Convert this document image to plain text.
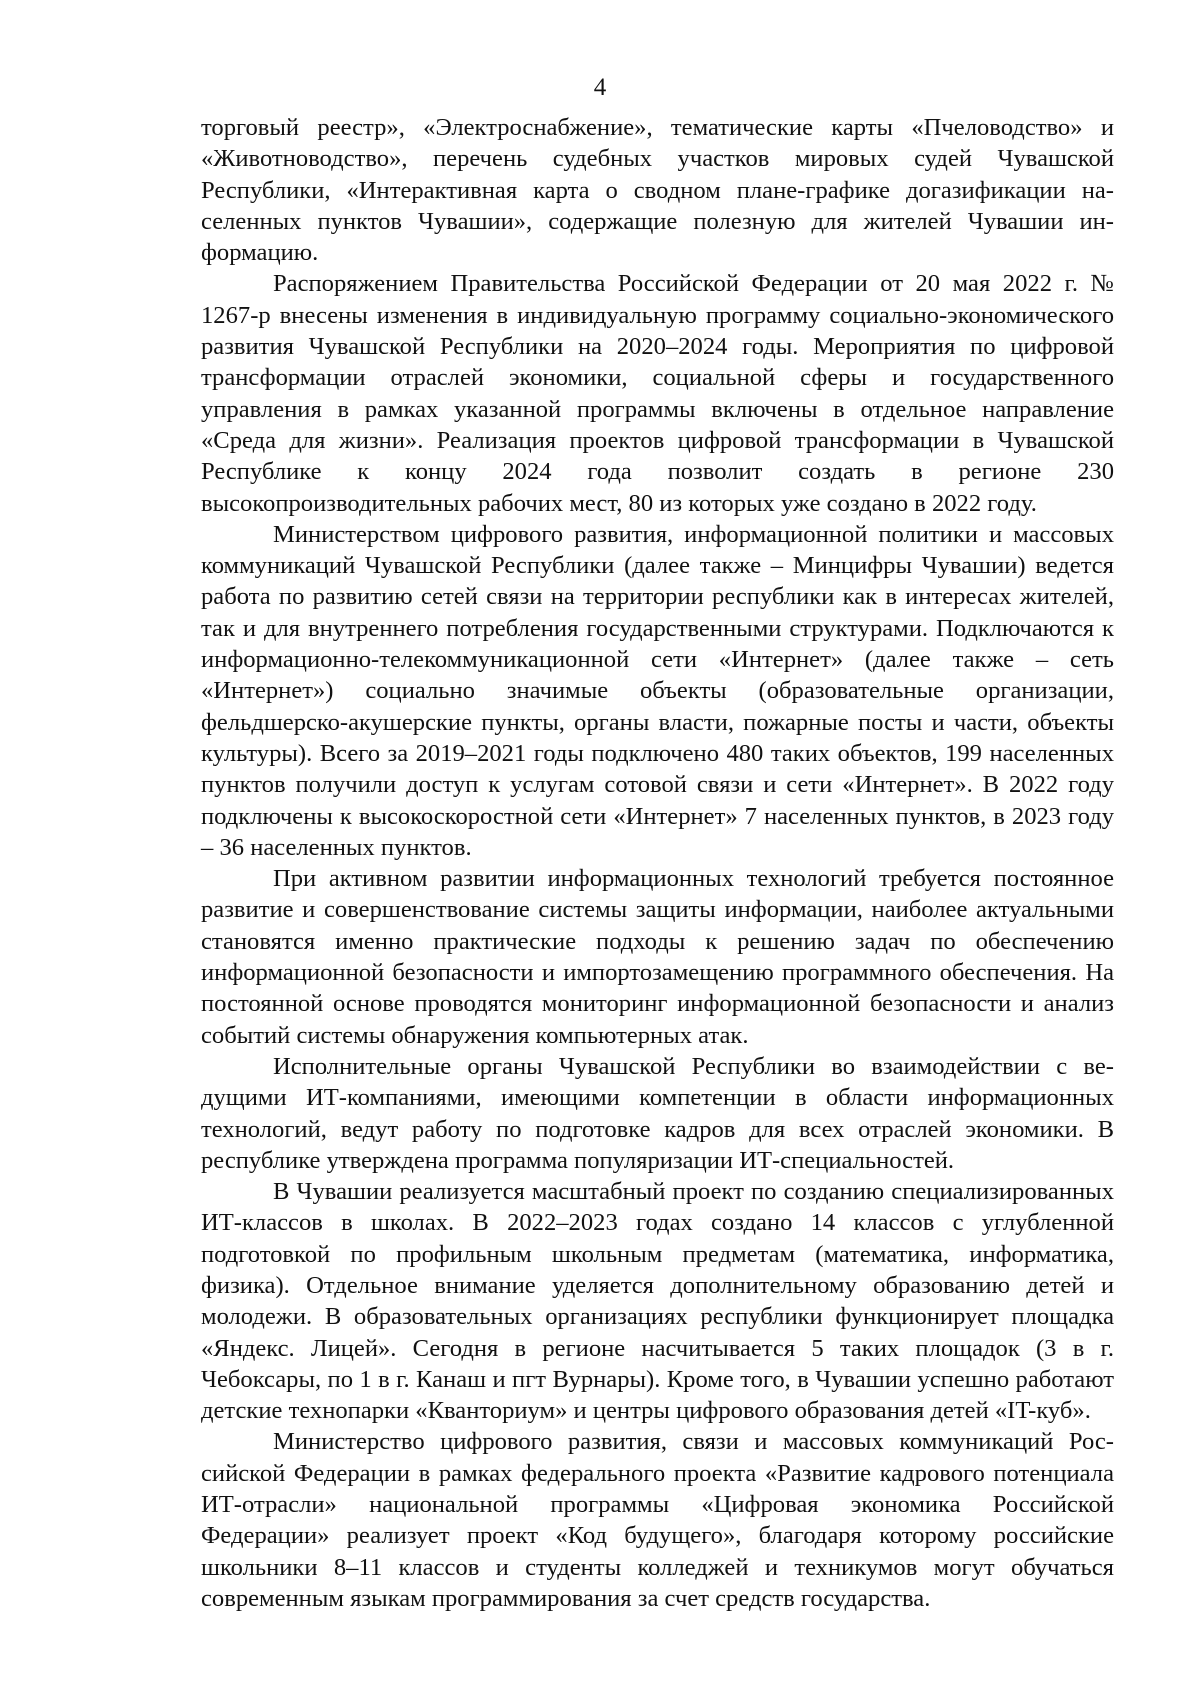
4

торговый реестр», «Электроснабжение», тематические карты «Пчеловодство» и «Животноводство», перечень судебных участков мировых судей Чувашской Республики, «Интерактивная карта о сводном плане-графике догазификации населенных пунктов Чувашии», содержащие полезную для жителей Чувашии информацию.

Распоряжением Правительства Российской Федерации от 20 мая 2022 г. № 1267-р внесены изменения в индивидуальную программу социально-экономического развития Чувашской Республики на 2020–2024 годы. Мероприятия по цифровой трансформации отраслей экономики, социальной сферы и государственного управления в рамках указанной программы включены в отдельное направление «Среда для жизни». Реализация проектов цифровой трансформации в Чувашской Республике к концу 2024 года позволит создать в регионе 230 высокопроизводительных рабочих мест, 80 из которых уже создано в 2022 году.

Министерством цифрового развития, информационной политики и массовых коммуникаций Чувашской Республики (далее также – Минцифры Чувашии) ведется работа по развитию сетей связи на территории республики как в интересах жителей, так и для внутреннего потребления государственными структурами. Подключаются к информационно-телекоммуникационной сети «Интернет» (далее также – сеть «Интернет») социально значимые объекты (образовательные организации, фельдшерско-акушерские пункты, органы власти, пожарные посты и части, объекты культуры). Всего за 2019–2021 годы подключено 480 таких объектов, 199 населенных пунктов получили доступ к услугам сотовой связи и сети «Интернет». В 2022 году подключены к высокоскоростной сети «Интернет» 7 населенных пунктов, в 2023 году – 36 населенных пунктов.

При активном развитии информационных технологий требуется постоянное развитие и совершенствование системы защиты информации, наиболее актуальными становятся именно практические подходы к решению задач по обеспечению информационной безопасности и импортозамещению программного обеспечения. На постоянной основе проводятся мониторинг информационной безопасности и анализ событий системы обнаружения компьютерных атак.

Исполнительные органы Чувашской Республики во взаимодействии с ведущими ИТ-компаниями, имеющими компетенции в области информационных технологий, ведут работу по подготовке кадров для всех отраслей экономики. В республике утверждена программа популяризации ИТ-специальностей.

В Чувашии реализуется масштабный проект по созданию специализированных ИТ-классов в школах. В 2022–2023 годах создано 14 классов с углубленной подготовкой по профильным школьным предметам (математика, информатика, физика). Отдельное внимание уделяется дополнительному образованию детей и молодежи. В образовательных организациях республики функционирует площадка «Яндекс. Лицей». Сегодня в регионе насчитывается 5 таких площадок (3 в г. Чебоксары, по 1 в г. Канаш и пгт Вурнары). Кроме того, в Чувашии успешно работают детские технопарки «Кванториум» и центры цифрового образования детей «IT-куб».

Министерство цифрового развития, связи и массовых коммуникаций Российской Федерации в рамках федерального проекта «Развитие кадрового потенциала ИТ-отрасли» национальной программы «Цифровая экономика Российской Федерации» реализует проект «Код будущего», благодаря которому российские школьники 8–11 классов и студенты колледжей и техникумов могут обучаться современным языкам программирования за счет средств государства.
